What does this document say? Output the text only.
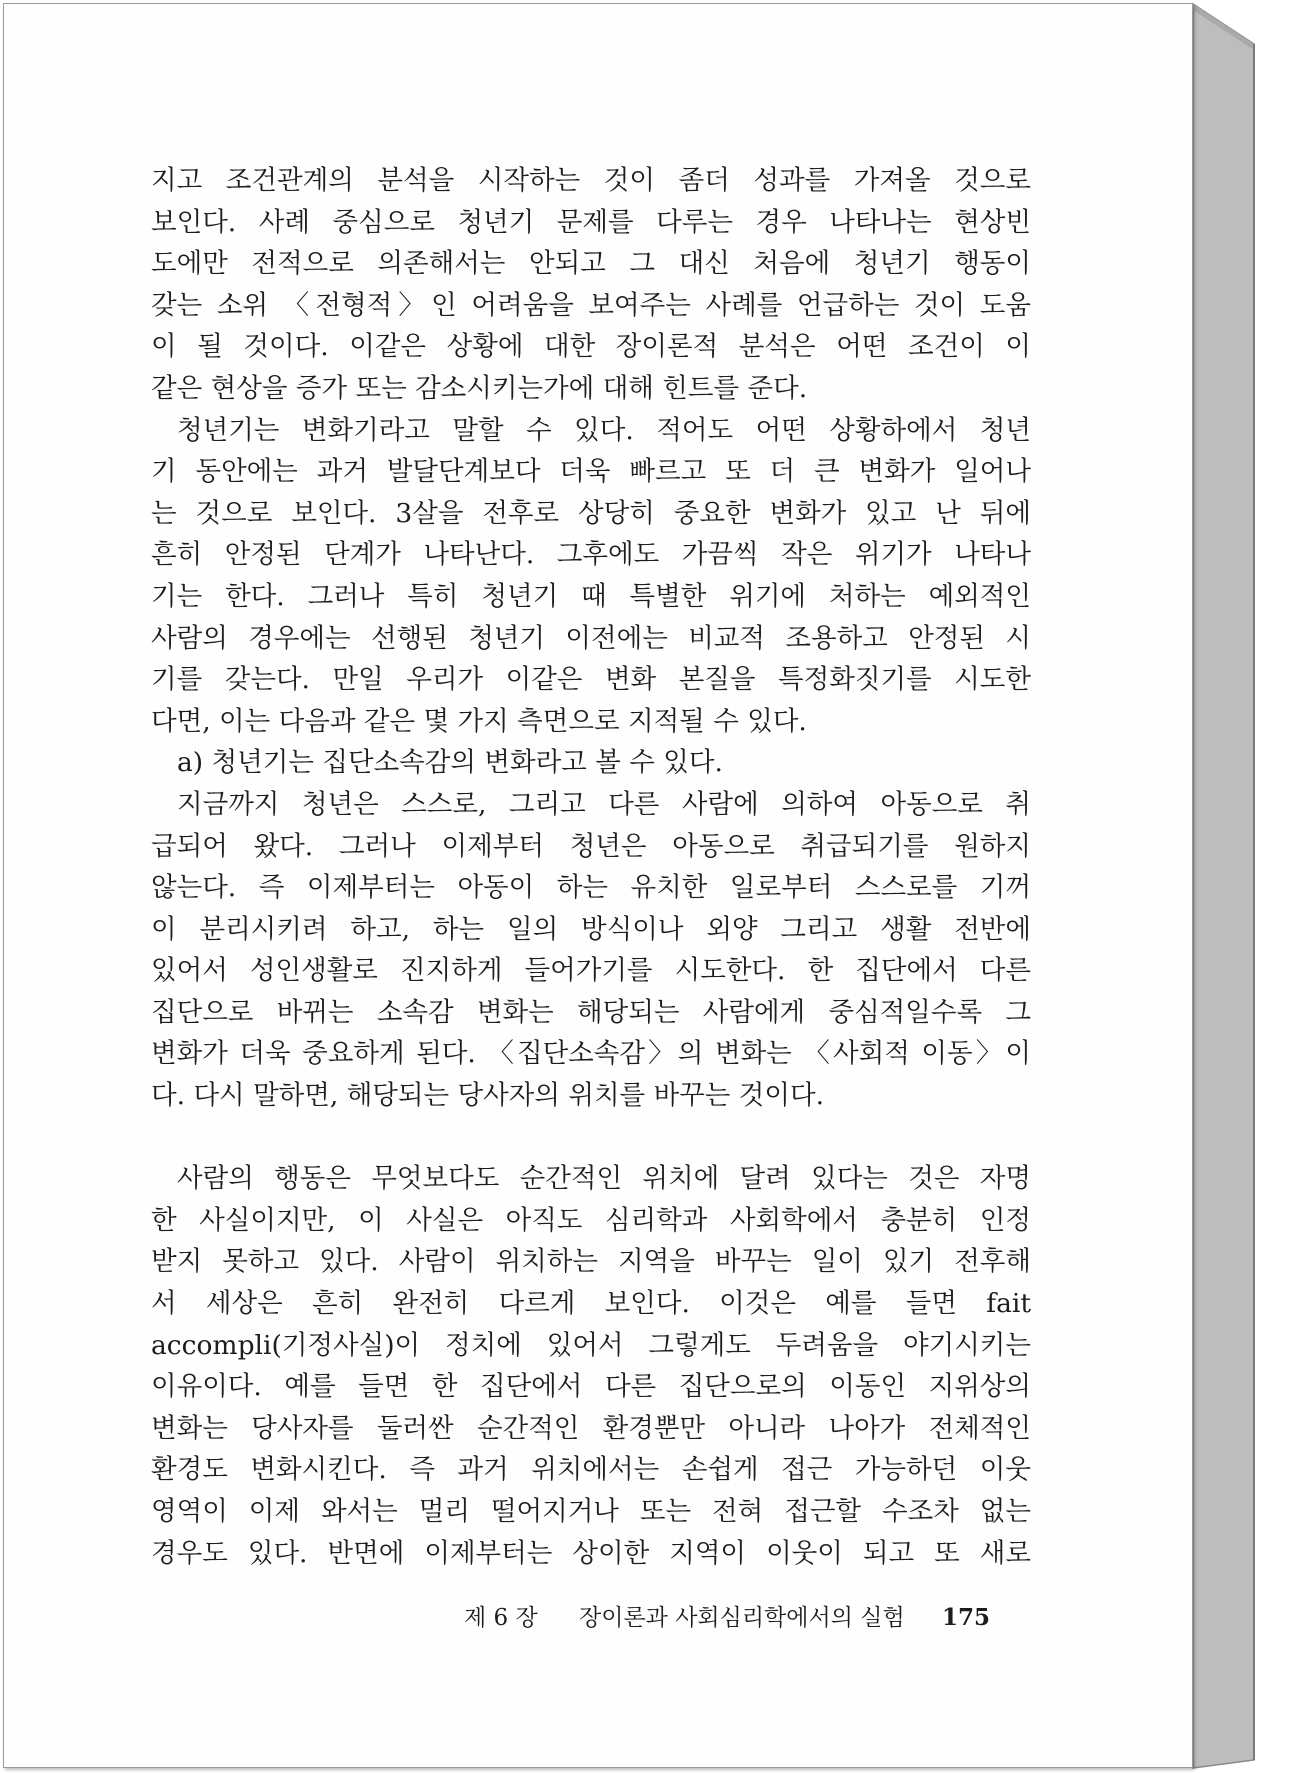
지고 조건관계의 분석을 시작하는 것이 좀더 성과를 가져올 것으로
보인다. 사례 중심으로 청년기 문제를 다루는 경우 나타나는 현상빈
도에만 전적으로 의존해서는 안되고 그 대신 처음에 청년기 행동이
갖는 소위 〈전형적〉인 어려움을 보여주는 사례를 언급하는 것이 도움
이 될 것이다. 이같은 상황에 대한 장이론적 분석은 어떤 조건이 이
같은 현상을 증가 또는 감소시키는가에 대해 힌트를 준다.
청년기는 변화기라고 말할 수 있다. 적어도 어떤 상황하에서 청년
기 동안에는 과거 발달단계보다 더욱 빠르고 또 더 큰 변화가 일어나
는 것으로 보인다. 3살을 전후로 상당히 중요한 변화가 있고 난 뒤에
흔히 안정된 단계가 나타난다. 그후에도 가끔씩 작은 위기가 나타나
기는 한다. 그러나 특히 청년기 때 특별한 위기에 처하는 예외적인
사람의 경우에는 선행된 청년기 이전에는 비교적 조용하고 안정된 시
기를 갖는다. 만일 우리가 이같은 변화 본질을 특정화짓기를 시도한
다면, 이는 다음과 같은 몇 가지 측면으로 지적될 수 있다.
a) 청년기는 집단소속감의 변화라고 볼 수 있다.
지금까지 청년은 스스로, 그리고 다른 사람에 의하여 아동으로 취
급되어 왔다. 그러나 이제부터 청년은 아동으로 취급되기를 원하지
않는다. 즉 이제부터는 아동이 하는 유치한 일로부터 스스로를 기꺼
이 분리시키려 하고, 하는 일의 방식이나 외양 그리고 생활 전반에
있어서 성인생활로 진지하게 들어가기를 시도한다. 한 집단에서 다른
집단으로 바뀌는 소속감 변화는 해당되는 사람에게 중심적일수록 그
변화가 더욱 중요하게 된다. 〈집단소속감〉의 변화는 〈사회적 이동〉이
다. 다시 말하면, 해당되는 당사자의 위치를 바꾸는 것이다.
사람의 행동은 무엇보다도 순간적인 위치에 달려 있다는 것은 자명
한 사실이지만, 이 사실은 아직도 심리학과 사회학에서 충분히 인정
받지 못하고 있다. 사람이 위치하는 지역을 바꾸는 일이 있기 전후해
서 세상은 흔히 완전히 다르게 보인다. 이것은 예를 들면 fait
accompli(기정사실)이 정치에 있어서 그렇게도 두려움을 야기시키는
이유이다. 예를 들면 한 집단에서 다른 집단으로의 이동인 지위상의
변화는 당사자를 둘러싼 순간적인 환경뿐만 아니라 나아가 전체적인
환경도 변화시킨다. 즉 과거 위치에서는 손쉽게 접근 가능하던 이웃
영역이 이제 와서는 멀리 떨어지거나 또는 전혀 접근할 수조차 없는
경우도 있다. 반면에 이제부터는 상이한 지역이 이웃이 되고 또 새로
제 6 장 장이론과 사회심리학에서의 실험 175
